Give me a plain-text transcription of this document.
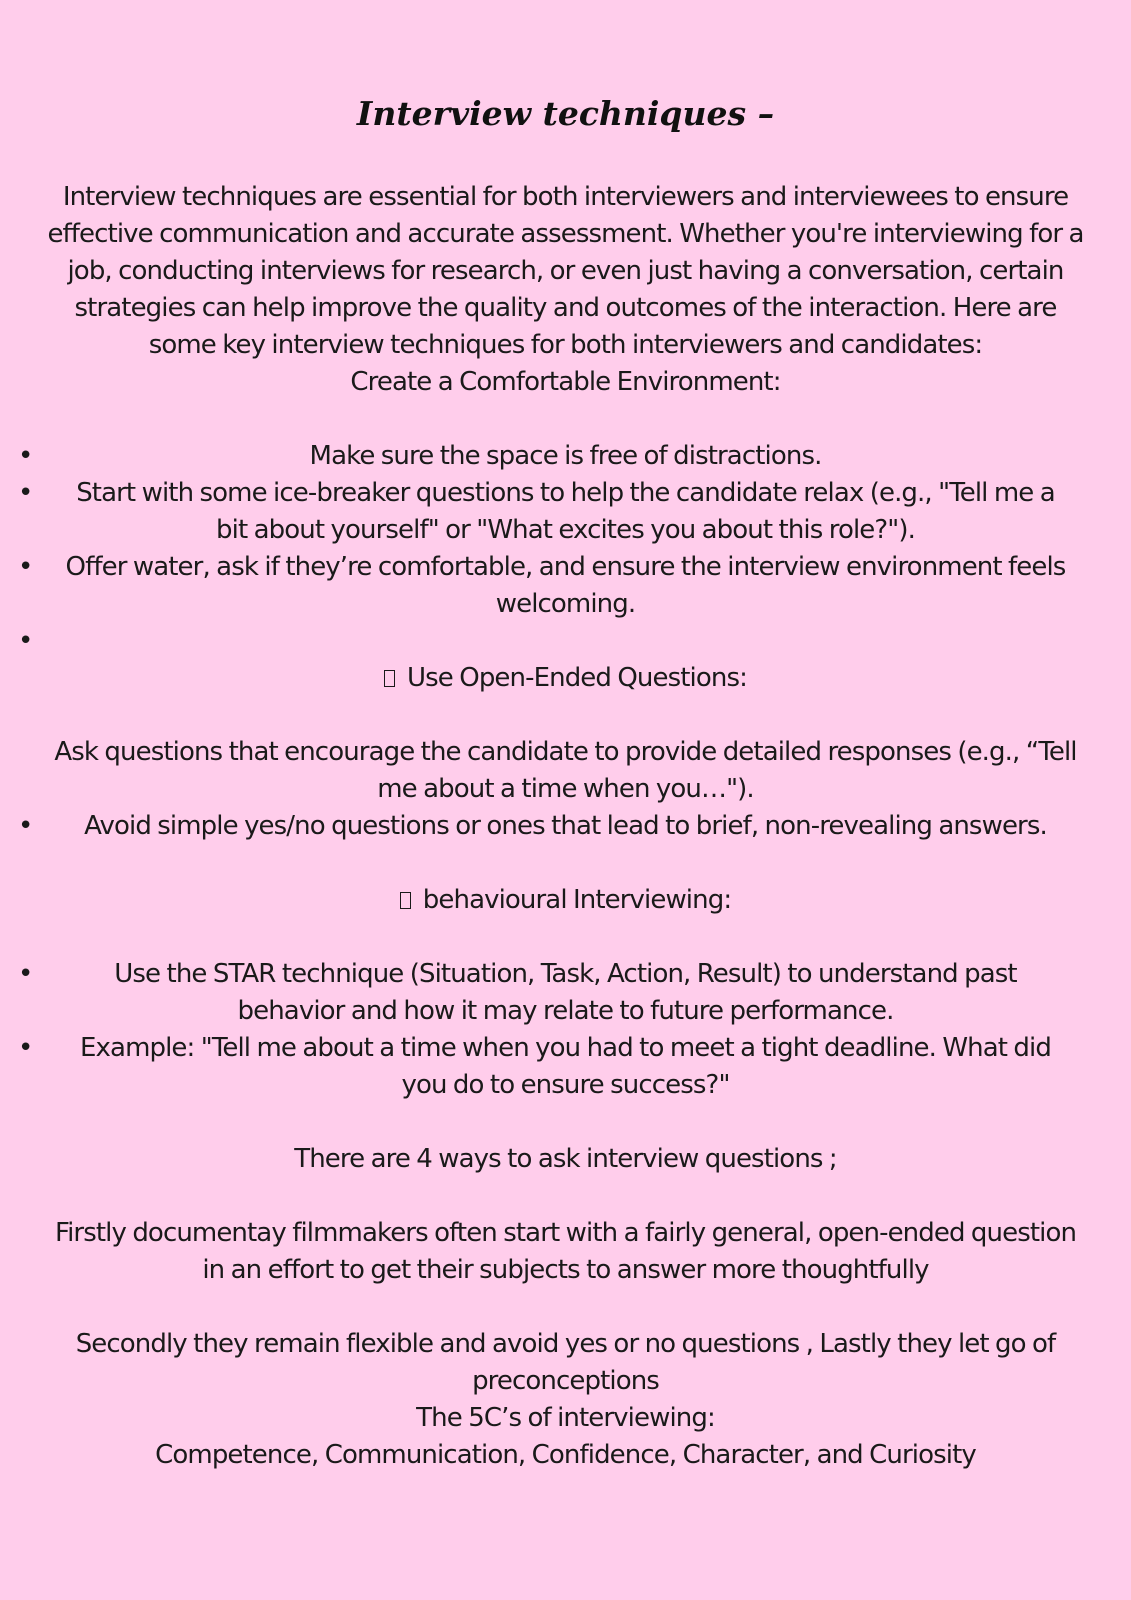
Interview techniques –
Interview techniques are essential for both interviewers and interviewees to ensure
effective communication and accurate assessment. Whether you're interviewing for a
job, conducting interviews for research, or even just having a conversation, certain
strategies can help improve the quality and outcomes of the interaction. Here are
some key interview techniques for both interviewers and candidates:
Create a Comfortable Environment:
•	Make sure the space is free of distractions.
• Start with some ice-breaker questions to help the candidate relax (e.g., "Tell me a
bit about yourself" or "What excites you about this role?").
• Offer water, ask if they’re comfortable, and ensure the interview environment feels
welcoming.
•
Use Open-Ended Questions:
Ask questions that encourage the candidate to provide detailed responses (e.g., “Tell
me about a time when you…").
• Avoid simple yes/no questions or ones that lead to brief, non-revealing answers.
behavioural Interviewing:
•	Use the STAR technique (Situation, Task, Action, Result) to understand past
behavior and how it may relate to future performance.
• Example: "Tell me about a time when you had to meet a tight deadline. What did
you do to ensure success?"
There are 4 ways to ask interview questions ;
Firstly documentay filmmakers often start with a fairly general, open-ended question
in an effort to get their subjects to answer more thoughtfully
Secondly they remain flexible and avoid yes or no questions , Lastly they let go of
preconceptions
The 5C’s of interviewing:
Competence, Communication, Confidence, Character, and Curiosity
